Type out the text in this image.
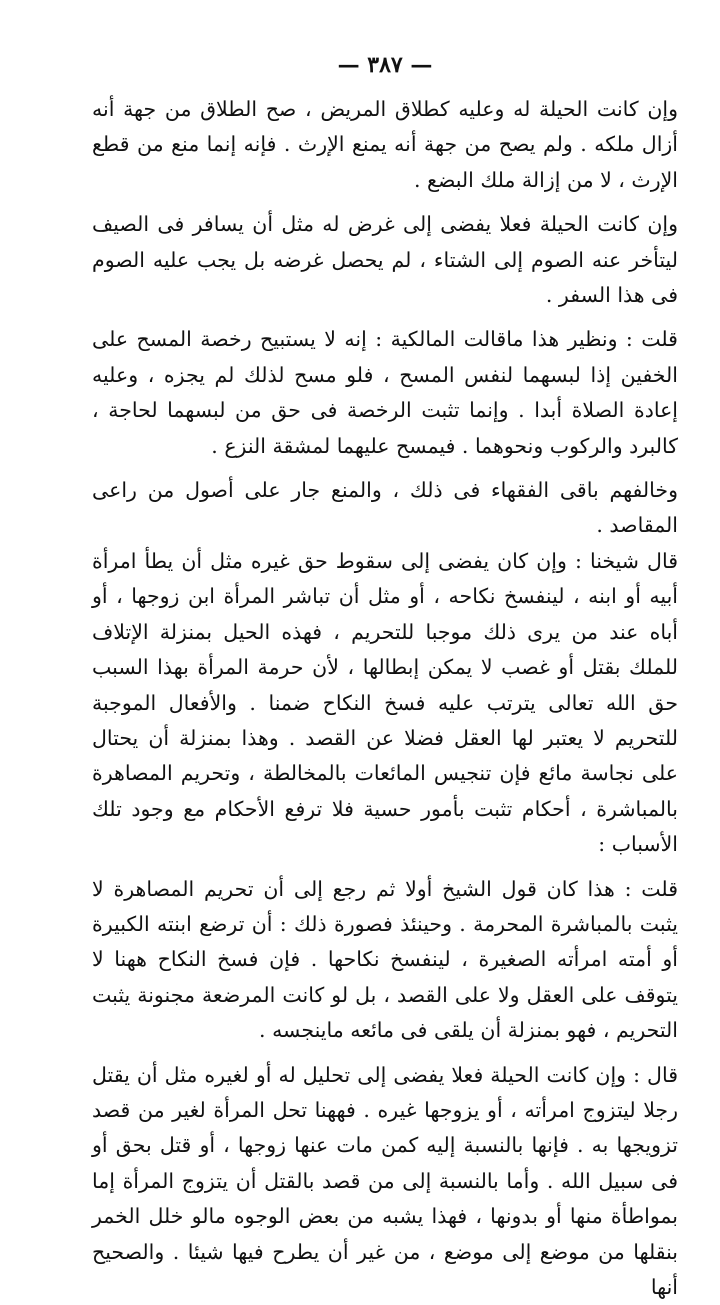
— ٣٨٧ —

وإن كانت الحيلة له وعليه كطلاق المريض ، صح الطلاق من جهة أنه أزال ملكه . ولم يصح من جهة أنه يمنع الإرث . فإنه إنما منع من قطع الإرث ، لا من إزالة ملك البضع .

وإن كانت الحيلة فعلا يفضى إلى غرض له مثل أن يسافر فى الصيف ليتأخر عنه الصوم إلى الشتاء ، لم يحصل غرضه بل يجب عليه الصوم فى هذا السفر .

قلت : ونظير هذا ماقالت المالكية : إنه لا يستبيح رخصة المسح على الخفين إذا لبسهما لنفس المسح ، فلو مسح لذلك لم يجزه ، وعليه إعادة الصلاة أبدا . وإنما تثبت الرخصة فى حق من لبسهما لحاجة ، كالبرد والركوب ونحوهما . فيمسح عليهما لمشقة النزع .

وخالفهم باقى الفقهاء فى ذلك ، والمنع جار على أصول من راعى المقاصد .

قال شيخنا : وإن كان يفضى إلى سقوط حق غيره مثل أن يطأ امرأة أبيه أو ابنه ، لينفسخ نكاحه ، أو مثل أن تباشر المرأة ابن زوجها ، أو أباه عند من يرى ذلك موجبا للتحريم ، فهذه الحيل بمنزلة الإتلاف للملك بقتل أو غصب لا يمكن إبطالها ، لأن حرمة المرأة بهذا السبب حق الله تعالى يترتب عليه فسخ النكاح ضمنا . والأفعال الموجبة للتحريم لا يعتبر لها العقل فضلا عن القصد . وهذا بمنزلة أن يحتال على نجاسة مائع فإن تنجيس المائعات بالمخالطة ، وتحريم المصاهرة بالمباشرة ، أحكام تثبت بأمور حسية فلا ترفع الأحكام مع وجود تلك الأسباب :

قلت : هذا كان قول الشيخ أولا ثم رجع إلى أن تحريم المصاهرة لا يثبت بالمباشرة المحرمة . وحينئذ فصورة ذلك : أن ترضع ابنته الكبيرة أو أمته امرأته الصغيرة ، لينفسخ نكاحها . فإن فسخ النكاح ههنا لا يتوقف على العقل ولا على القصد ، بل لو كانت المرضعة مجنونة يثبت التحريم ، فهو بمنزلة أن يلقى فى مائعه ماينجسه .

قال : وإن كانت الحيلة فعلا يفضى إلى تحليل له أو لغيره مثل أن يقتل رجلا ليتزوج امرأته ، أو يزوجها غيره . فههنا تحل المرأة لغير من قصد تزويجها به . فإنها بالنسبة إليه كمن مات عنها زوجها ، أو قتل بحق أو فى سبيل الله . وأما بالنسبة إلى من قصد بالقتل أن يتزوج المرأة إما بمواطأة منها أو بدونها ، فهذا يشبه من بعض الوجوه مالو خلل الخمر بنقلها من موضع إلى موضع ، من غير أن يطرح فيها شيئا . والصحيح أنها
